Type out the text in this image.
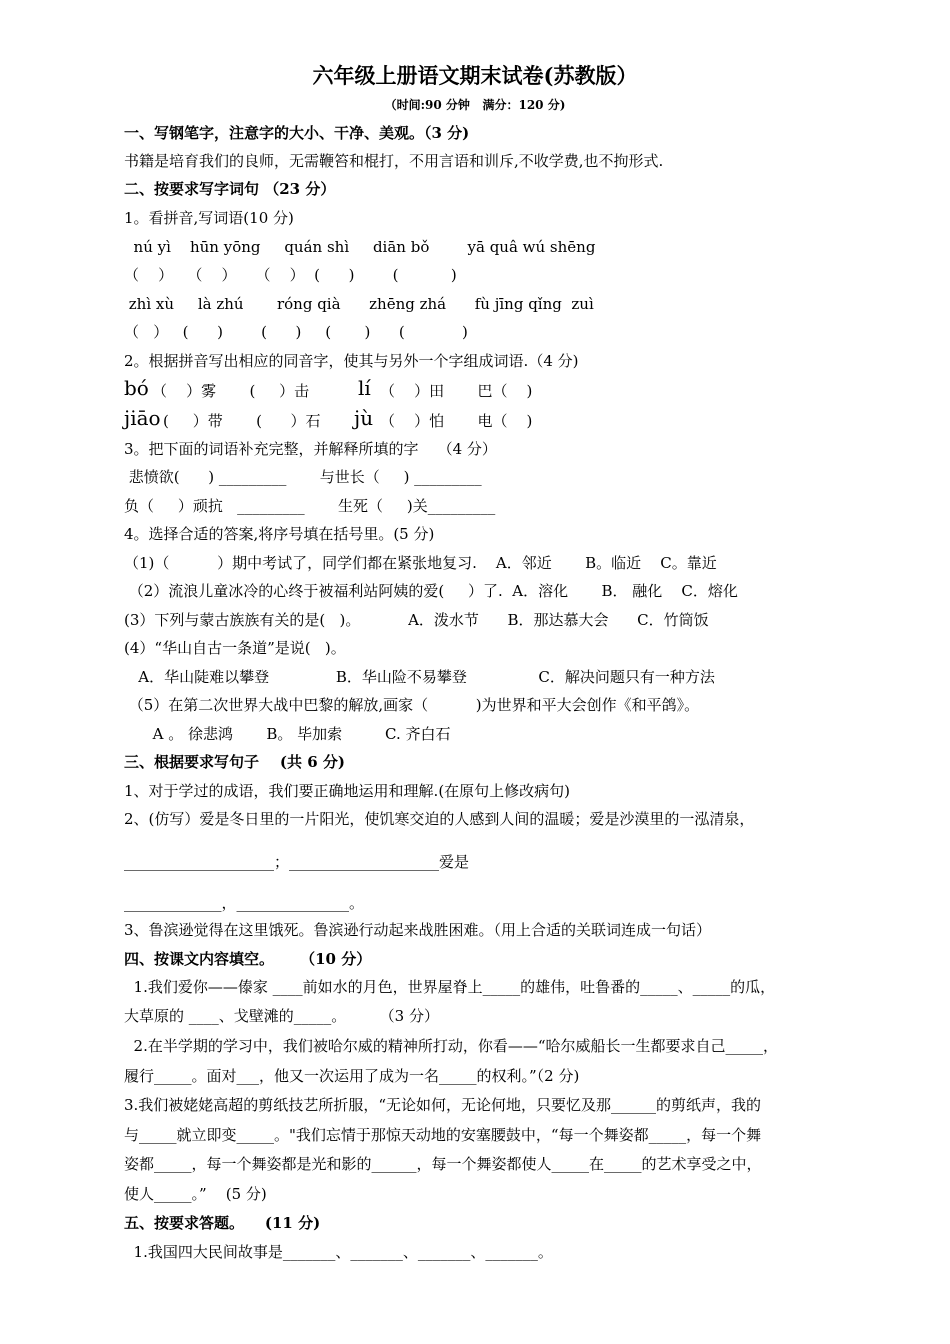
六年级上册语文期末试卷(苏教版）
（时间:90 分钟   满分：120 分)
一、写钢笔字，注意字的大小、干净、美观。（3 分)
书籍是培育我们的良师，无需鞭笞和棍打，不用言语和训斥,不收学费,也不拘形式.
二、按要求写字词句 （23 分）
1。看拼音,写词语(10 分)
nú yì    hūn yōng     quán shì     diān bǒ        yā quâ wú shēng
（    ）   （    ）    （    ）  (      )        (           )
zhì xù     là zhú       róng qià      zhēng zhá      fù jīng qǐng  zuì
（   ）   (      )        (      )     (       )      (            )
2。根据拼音写出相应的同音字，使其与另外一个字组成词语.（4 分)
bó （    ）雾       (     ）击 lí （    ）田       巴（    )
jiāo (     ）带       (      ）石 jù （    ）怕       电（    )
3。把下面的词语补充完整，并解释所填的字    （4 分）
悲愤欲(      ) _________       与世长（     ) _________
负（     ）顽抗   _________       生死（     )关_________
4。选择合适的答案,将序号填在括号里。(5 分)
（1)（          ）期中考试了，同学们都在紧张地复习.    A．邻近       B。临近    C。靠近
（2）流浪儿童冰冷的心终于被福利站阿姨的爱(     ）了.  A．溶化       B． 融化    C．熔化
(3）下列与蒙古族族有关的是(   )。          A．泼水节      B．那达慕大会      C．竹筒饭
(4）“华山自古一条道”是说(   )。
A．华山陡难以攀登              B．华山险不易攀登               C．解决问题只有一种方法
（5）在第二次世界大战中巴黎的解放,画家（          )为世界和平大会创作《和平鸽》。
A 。 徐悲鸿       B。 毕加索         C. 齐白石
三、根据要求写句子    (共 6 分)
1、对于学过的成语，我们要正确地运用和理解.(在原句上修改病句)
2、(仿写）爱是冬日里的一片阳光，使饥寒交迫的人感到人间的温暖；爱是沙漠里的一泓清泉，
____________________；____________________爱是
_____________，_______________。
3、鲁滨逊觉得在这里饿死。鲁滨逊行动起来战胜困难。（用上合适的关联词连成一句话）
四、按课文内容填空。     （10 分）
1.我们爱你——傣家 ____前如水的月色，世界屋脊上_____的雄伟，吐鲁番的_____、_____的瓜，
大草原的 ____、戈壁滩的_____。       （3 分）
2.在半学期的学习中，我们被哈尔威的精神所打动，你看——“哈尔威船长一生都要求自己_____，
履行_____。面对___，他又一次运用了成为一名_____的权利。”（2 分)
3.我们被姥姥高超的剪纸技艺所折服，“无论如何，无论何地，只要忆及那______的剪纸声，我的
与_____就立即变_____。"我们忘情于那惊天动地的安塞腰鼓中，“每一个舞姿都_____，每一个舞
姿都_____，每一个舞姿都是光和影的______，每一个舞姿都使人_____在_____的艺术享受之中，
使人_____。”    (5 分)
五、按要求答题。    (11 分)
1.我国四大民间故事是_______、_______、_______、_______。
